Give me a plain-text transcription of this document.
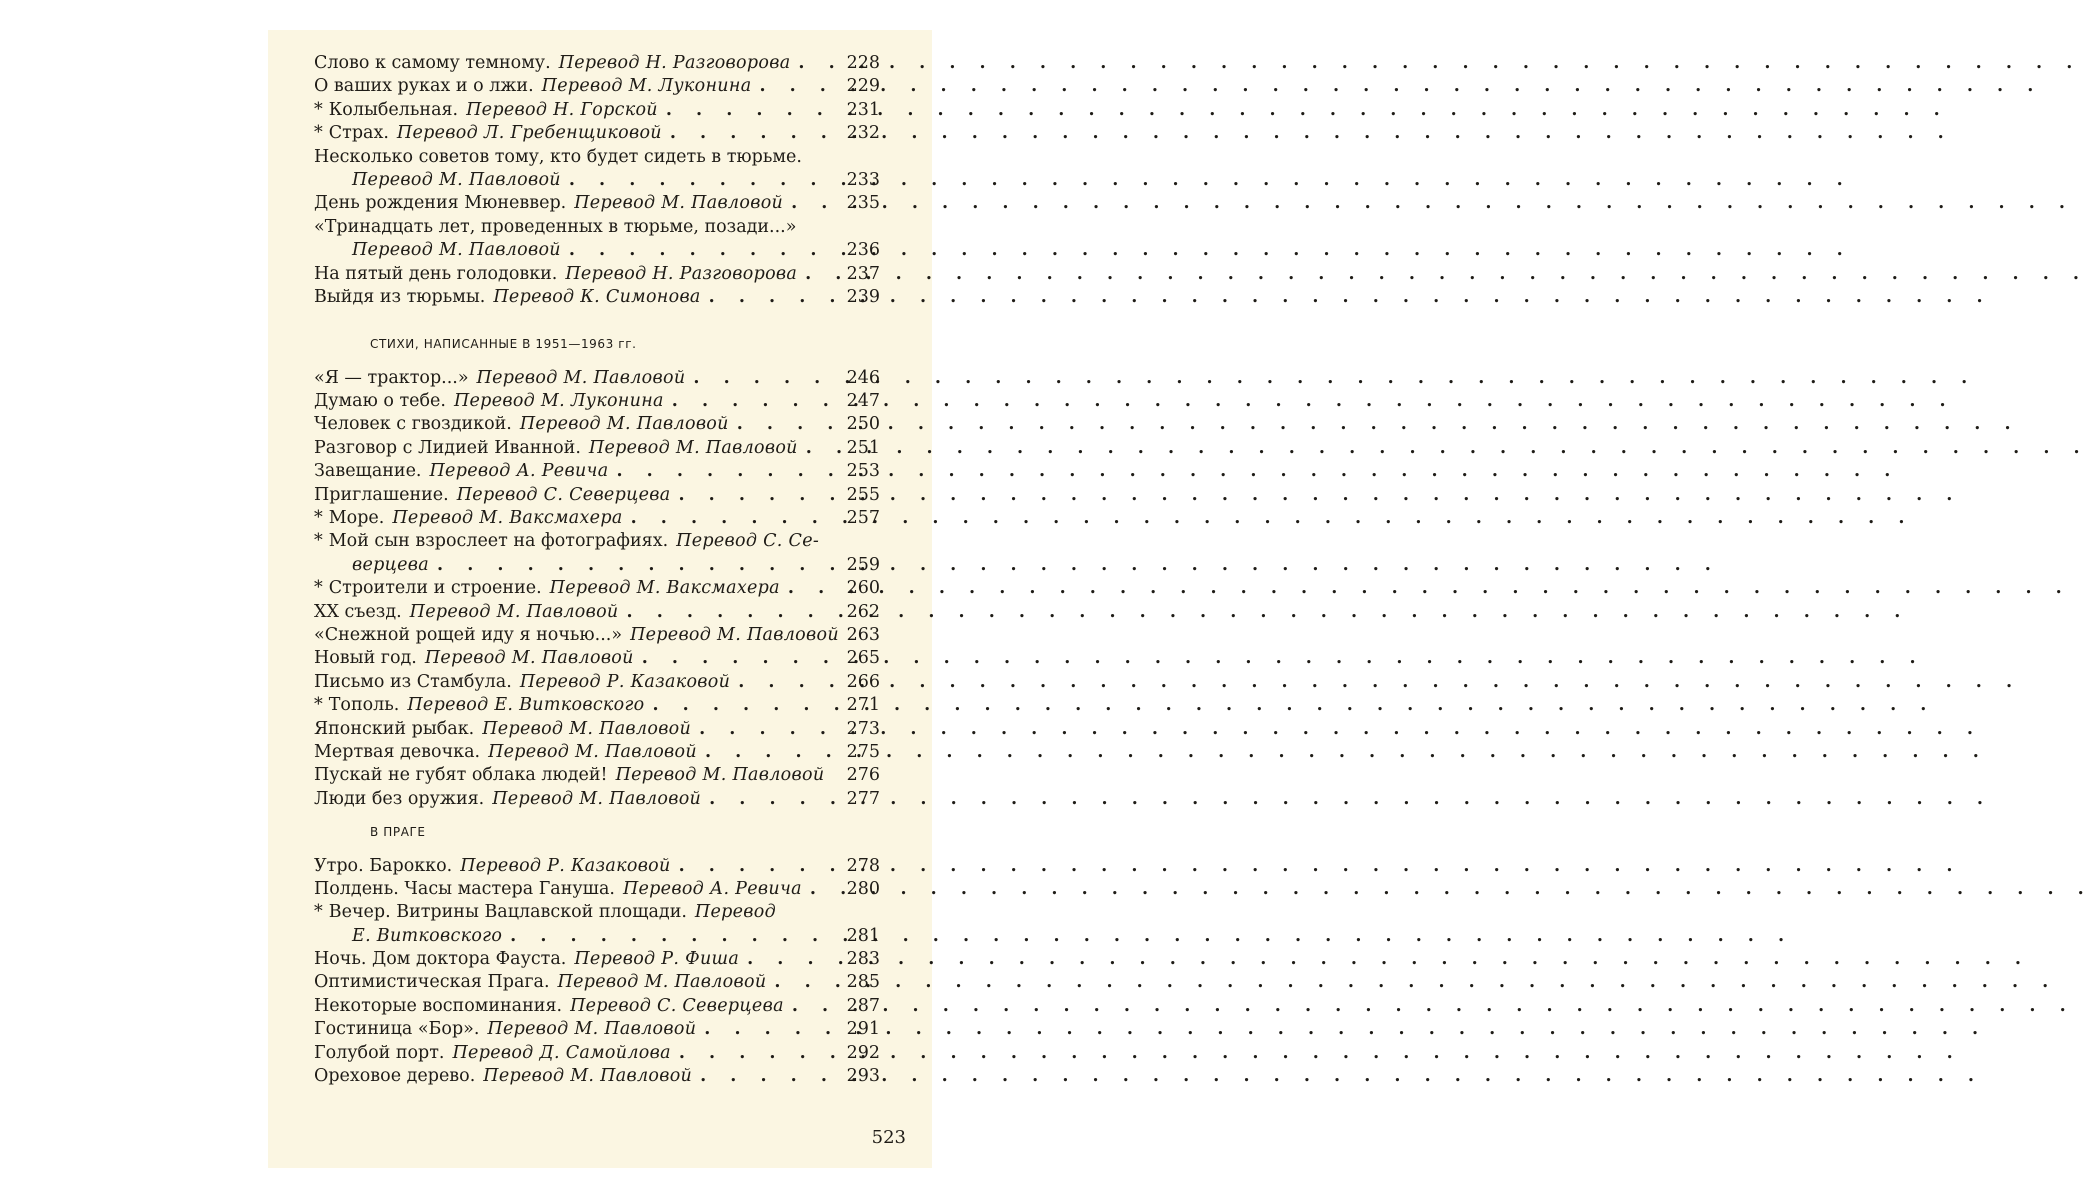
Слово к самому темному. Перевод Н. Разговорова . . .	228
О ваших руках и о лжи. Перевод М. Луконина . . .	229
* Колыбельная. Перевод Н. Горской . . .	231
* Страх. Перевод Л. Гребенщиковой . . .	232
Несколько советов тому, кто будет сидеть в тюрьме.
Перевод М. Павловой . . .	233
День рождения Мюневвер. Перевод М. Павловой . . .	235
«Тринадцать лет, проведенных в тюрьме, позади...»
Перевод М. Павловой . . .	236
На пятый день голодовки. Перевод Н. Разговорова . . .	237
Выйдя из тюрьмы. Перевод К. Симонова . . .	239
СТИХИ, НАПИСАННЫЕ В 1951—1963 гг.
«Я — трактор...» Перевод М. Павловой . . .	246
Думаю о тебе. Перевод М. Луконина . . .	247
Человек с гвоздикой. Перевод М. Павловой . . .	250
Разговор с Лидией Иванной. Перевод М. Павловой . . .	251
Завещание. Перевод А. Ревича . . .	253
Приглашение. Перевод С. Северцева . . .	255
* Море. Перевод М. Ваксмахера . . .	257
* Мой сын взрослеет на фотографиях. Перевод С. Се-
верцева . . .	259
* Строители и строение. Перевод М. Ваксмахера . . .	260
XX съезд. Перевод М. Павловой . . .	262
«Снежной рощей иду я ночью...» Перевод М. Павловой 263
Новый год. Перевод М. Павловой . . .	265
Письмо из Стамбула. Перевод Р. Казаковой . . .	266
* Тополь. Перевод Е. Витковского . . .	271
Японский рыбак. Перевод М. Павловой . . .	273
Мертвая девочка. Перевод М. Павловой . . .	275
Пускай не губят облака людей! Перевод М. Павловой	276
Люди без оружия. Перевод М. Павловой . . .	277
В ПРАГЕ
Утро. Барокко. Перевод Р. Казаковой . . .	278
Полдень. Часы мастера Гануша. Перевод А. Ревича . . .	280
* Вечер. Витрины Вацлавской площади. Перевод
Е. Витковского . . .	281
Ночь. Дом доктора Фауста. Перевод Р. Фиша . . .	283
Оптимистическая Прага. Перевод М. Павловой . . .	285
Некоторые воспоминания. Перевод С. Северцева . . .	287
Гостиница «Бор». Перевод М. Павловой . . .	291
Голубой порт. Перевод Д. Самойлова . . .	292
Ореховое дерево. Перевод М. Павловой . . .	293
523
